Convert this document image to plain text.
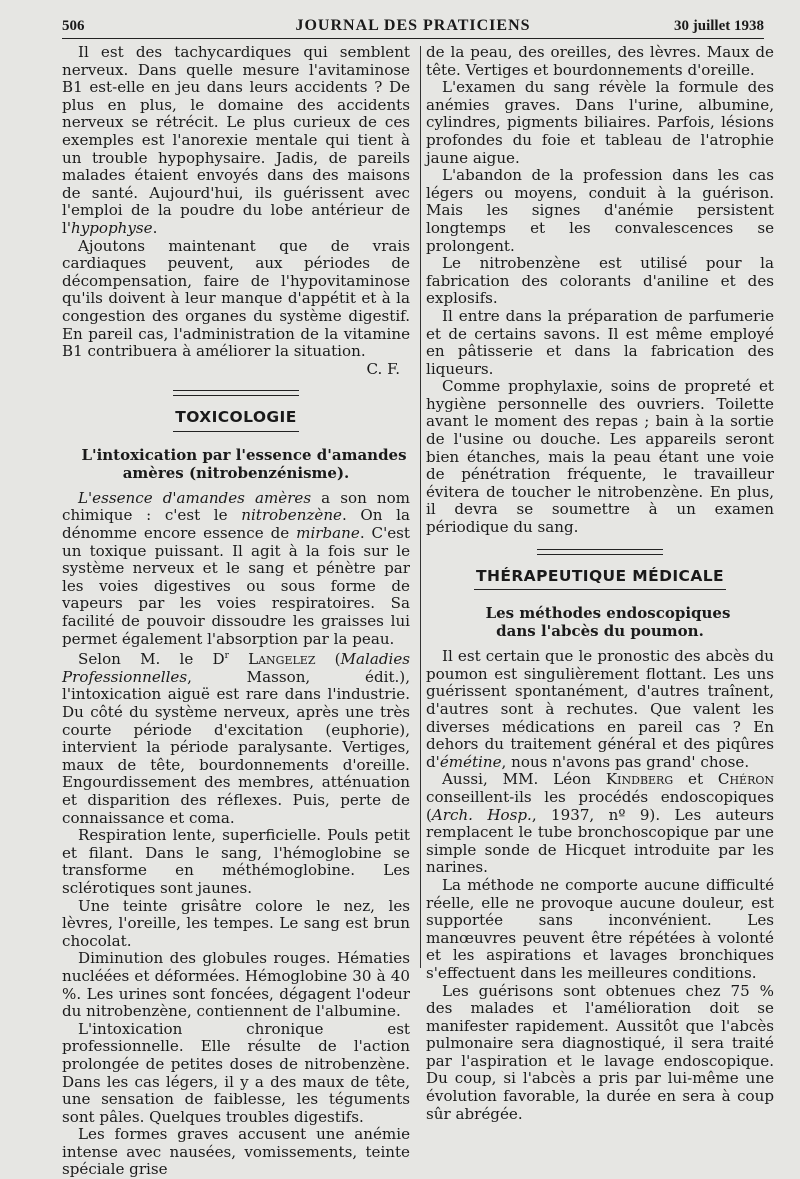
506	JOURNAL DES PRATICIENS	30 juillet 1938

Il est des tachycardiques qui semblent nerveux. Dans quelle mesure l'avitaminose B1 est-elle en jeu dans leurs accidents ? De plus en plus, le domaine des accidents nerveux se rétrécit. Le plus curieux de ces exemples est l'anorexie mentale qui tient à un trouble hypophysaire. Jadis, de pareils malades étaient envoyés dans des maisons de santé. Aujourd'hui, ils guérissent avec l'emploi de la poudre du lobe antérieur de l'hypophyse.

Ajoutons maintenant que de vrais cardiaques peuvent, aux périodes de décompensation, faire de l'hypovitaminose qu'ils doivent à leur manque d'appétit et à la congestion des organes du système digestif. En pareil cas, l'administration de la vitamine B1 contribuera à améliorer la situation.

C. F.

TOXICOLOGIE

L'intoxication par l'essence d'amandes
amères (nitrobenzénisme).

L'essence d'amandes amères a son nom chimique : c'est le nitrobenzène. On la dénomme encore essence de mirbane. C'est un toxique puissant. Il agit à la fois sur le système nerveux et le sang et pénètre par les voies digestives ou sous forme de vapeurs par les voies respiratoires. Sa facilité de pouvoir dissoudre les graisses lui permet également l'absorption par la peau.

Selon M. le $D^r$ Langelez (Maladies Professionnelles, Masson, édit.), l'intoxication aiguë est rare dans l'industrie. Du côté du système nerveux, après une très courte période d'excitation (euphorie), intervient la période paralysante. Vertiges, maux de tête, bourdonnements d'oreille. Engourdissement des membres, atténuation et disparition des réflexes. Puis, perte de connaissance et coma.

Respiration lente, superficielle. Pouls petit et filant. Dans le sang, l'hémoglobine se transforme en méthémoglobine. Les sclérotiques sont jaunes.

Une teinte grisâtre colore le nez, les lèvres, l'oreille, les tempes. Le sang est brun chocolat.

Diminution des globules rouges. Hématies nucléées et déformées. Hémoglobine 30 à 40 %. Les urines sont foncées, dégagent l'odeur du nitrobenzène, contiennent de l'albumine.

L'intoxication chronique est professionnelle. Elle résulte de l'action prolongée de petites doses de nitrobenzène. Dans les cas légers, il y a des maux de tête, une sensation de faiblesse, les téguments sont pâles. Quelques troubles digestifs.

Les formes graves accusent une anémie intense avec nausées, vomissements, teinte spéciale grise

de la peau, des oreilles, des lèvres. Maux de tête. Vertiges et bourdonnements d'oreille.

L'examen du sang révèle la formule des anémies graves. Dans l'urine, albumine, cylindres, pigments biliaires. Parfois, lésions profondes du foie et tableau de l'atrophie jaune aigue.

L'abandon de la profession dans les cas légers ou moyens, conduit à la guérison. Mais les signes d'anémie persistent longtemps et les convalescences se prolongent.

Le nitrobenzène est utilisé pour la fabrication des colorants d'aniline et des explosifs.

Il entre dans la préparation de parfumerie et de certains savons. Il est même employé en pâtisserie et dans la fabrication des liqueurs.

Comme prophylaxie, soins de propreté et hygiène personnelle des ouvriers. Toilette avant le moment des repas ; bain à la sortie de l'usine ou douche. Les appareils seront bien étanches, mais la peau étant une voie de pénétration fréquente, le travailleur évitera de toucher le nitrobenzène. En plus, il devra se soumettre à un examen périodique du sang.

THÉRAPEUTIQUE MÉDICALE

Les méthodes endoscopiques
dans l'abcès du poumon.

Il est certain que le pronostic des abcès du poumon est singulièrement flottant. Les uns guérissent spontanément, d'autres traînent, d'autres sont à rechutes. Que valent les diverses médications en pareil cas ? En dehors du traitement général et des piqûres d'émétine, nous n'avons pas grand' chose.

Aussi, MM. Léon Kindberg et Chéron conseillent-ils les procédés endoscopiques (Arch. Hosp., 1937, nº 9). Les auteurs remplacent le tube bronchoscopique par une simple sonde de Hicquet introduite par les narines.

La méthode ne comporte aucune difficulté réelle, elle ne provoque aucune douleur, est supportée sans inconvénient. Les manœuvres peuvent être répétées à volonté et les aspirations et lavages bronchiques s'effectuent dans les meilleures conditions.

Les guérisons sont obtenues chez 75 % des malades et l'amélioration doit se manifester rapidement. Aussitôt que l'abcès pulmonaire sera diagnostiqué, il sera traité par l'aspiration et le lavage endoscopique. Du coup, si l'abcès a pris par lui-même une évolution favorable, la durée en sera à coup sûr abrégée.
